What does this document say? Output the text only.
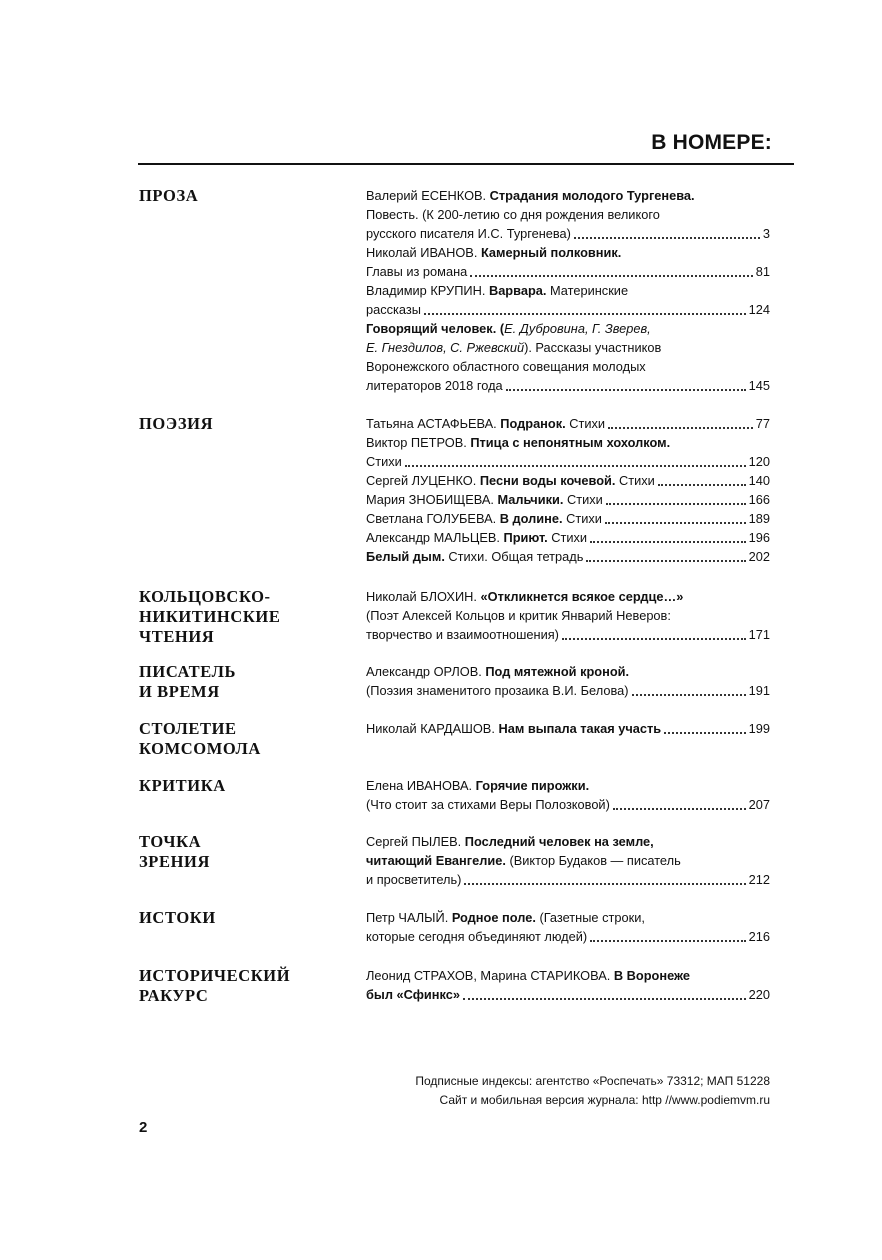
В НОМЕРЕ:
ПРОЗА	Валерий ЕСЕНКОВ. Страдания молодого Тургенева.
Повесть. (К 200-летию со дня рождения великого
русского писателя И.С. Тургенева)	3
Николай ИВАНОВ. Камерный полковник.
Главы из романа	81
Владимир КРУПИН. Варвара. Материнские
рассказы	124
Говорящий человек. (Е. Дубровина, Г. Зверев,
Е. Гнездилов, С. Ржевский). Рассказы участников
Воронежского областного совещания молодых
литераторов 2018 года	145
ПОЭЗИЯ	Татьяна АСТАФЬЕВА. Подранок. Стихи	77
Виктор ПЕТРОВ. Птица с непонятным хохолком.
Стихи	120
Сергей ЛУЦЕНКО. Песни воды кочевой. Стихи	140
Мария ЗНОБИЩЕВА. Мальчики. Стихи	166
Светлана ГОЛУБЕВА. В долине. Стихи	189
Александр МАЛЬЦЕВ. Приют. Стихи	196
Белый дым. Стихи. Общая тетрадь	202
КОЛЬЦОВСКО-
НИКИТИНСКИЕ
ЧТЕНИЯ
Николай БЛОХИН. «Откликнется всякое сердце…»
(Поэт Алексей Кольцов и критик Январий Неверов:
творчество и взаимоотношения)	171
ПИСАТЕЛЬ
И ВРЕМЯ
Александр ОРЛОВ. Под мятежной кроной.
(Поэзия знаменитого прозаика В.И. Белова)	191
СТОЛЕТИЕ
КОМСОМОЛА
Николай КАРДАШОВ. Нам выпала такая участь	199
КРИТИКА	Елена ИВАНОВА. Горячие пирожки.
(Что стоит за стихами Веры Полозковой)	207
ТОЧКА
ЗРЕНИЯ
Сергей ПЫЛЕВ. Последний человек на земле,
читающий Евангелие. (Виктор Будаков — писатель
и просветитель)	212
ИСТОКИ	Петр ЧАЛЫЙ. Родное поле. (Газетные строки,
которые сегодня объединяют людей)	216
ИСТОРИЧЕСКИЙ
РАКУРС
Леонид СТРАХОВ, Марина СТАРИКОВА. В Воронеже
был «Сфинкс»	220
Подписные индексы: агентство «Роспечать» 73312; МАП 51228
Сайт и мобильная версия журнала: http //www.podiemvm.ru
2
